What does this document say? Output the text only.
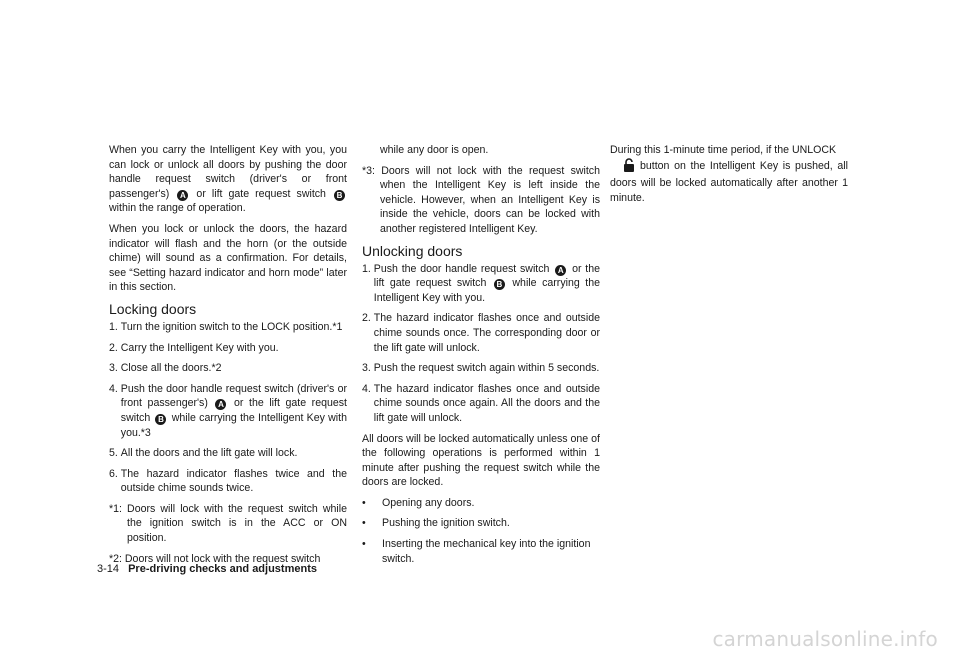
When you carry the Intelligent Key with you, you can lock or unlock all doors by pushing the door handle request switch (driver's or front passenger's) A or lift gate request switch B within the range of operation.

When you lock or unlock the doors, the hazard indicator will flash and the horn (or the outside chime) will sound as a confirmation. For details, see “Setting hazard indicator and horn mode” later in this section.

Locking doors
1. Turn the ignition switch to the LOCK position.*1
2. Carry the Intelligent Key with you.
3. Close all the doors.*2
4. Push the door handle request switch (driver's or front passenger's) A or the lift gate request switch B while carrying the Intelligent Key with you.*3
5. All the doors and the lift gate will lock.
6. The hazard indicator flashes twice and the outside chime sounds twice.

*1: Doors will lock with the request switch while the ignition switch is in the ACC or ON position.

*2: Doors will not lock with the request switch

while any door is open.

*3: Doors will not lock with the request switch when the Intelligent Key is left inside the vehicle. However, when an Intelligent Key is inside the vehicle, doors can be locked with another registered Intelligent Key.

Unlocking doors
1. Push the door handle request switch A or the lift gate request switch B while carrying the Intelligent Key with you.
2. The hazard indicator flashes once and outside chime sounds once. The corresponding door or the lift gate will unlock.
3. Push the request switch again within 5 seconds.
4. The hazard indicator flashes once and outside chime sounds once again. All the doors and the lift gate will unlock.

All doors will be locked automatically unless one of the following operations is performed within 1 minute after pushing the request switch while the doors are locked.

•	Opening any doors.
•	Pushing the ignition switch.
•	Inserting the mechanical key into the ignition switch.

During this 1-minute time period, if the UNLOCK
button on the Intelligent Key is pushed, all doors will be locked automatically after another 1 minute.

3-14 Pre-driving checks and adjustments
carmanualsonline.info
